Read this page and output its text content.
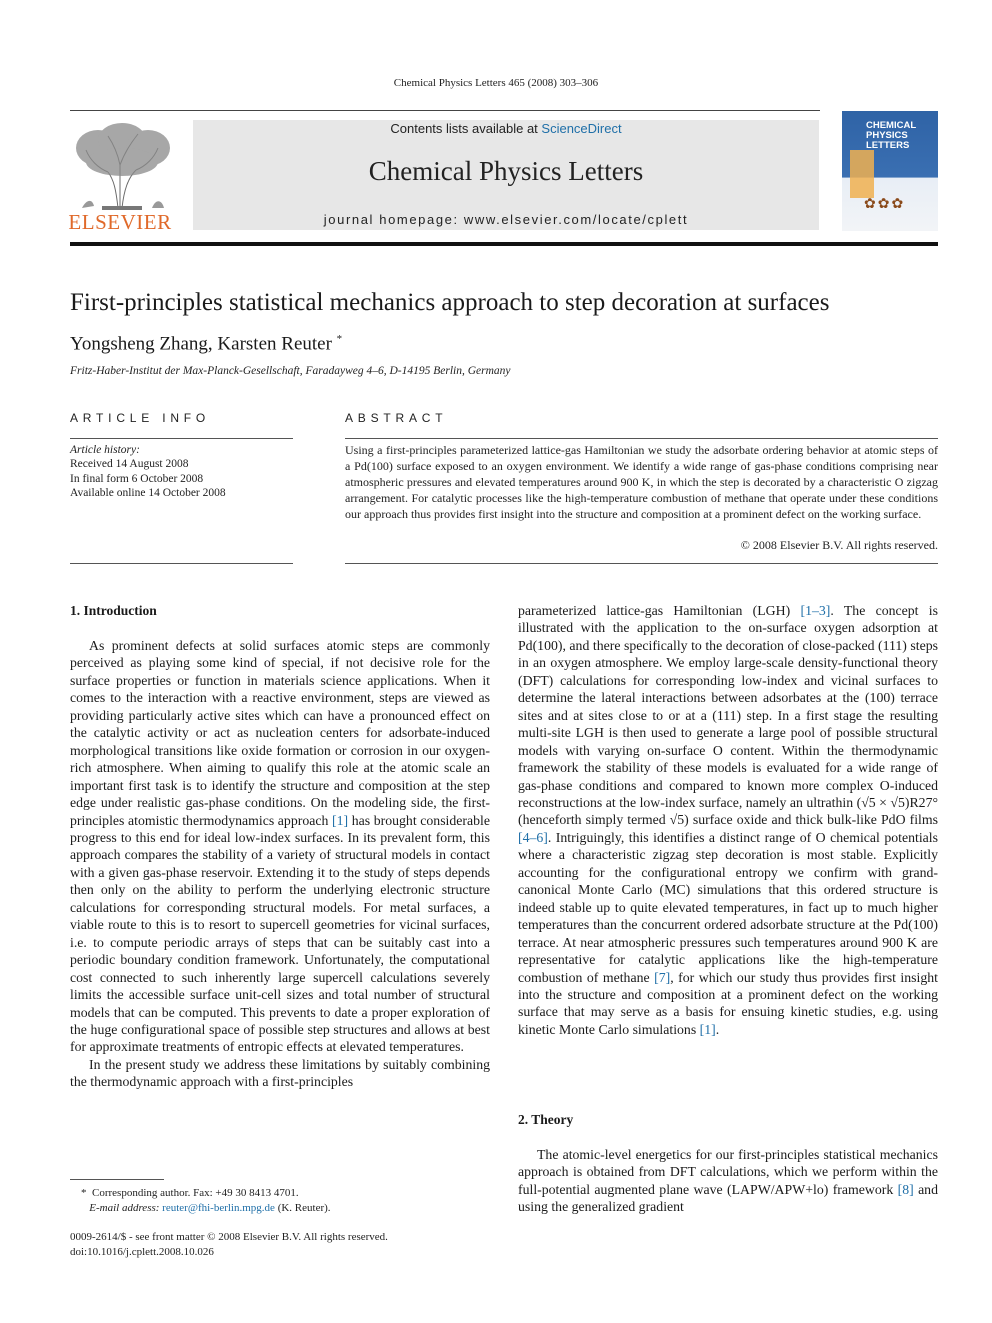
Chemical Physics Letters 465 (2008) 303–306
ELSEVIER
Contents lists available at ScienceDirect
Chemical Physics Letters
journal homepage: www.elsevier.com/locate/cplett
CHEMICAL PHYSICS LETTERS
✿✿✿
First-principles statistical mechanics approach to step decoration at surfaces
Yongsheng Zhang, Karsten Reuter *
Fritz-Haber-Institut der Max-Planck-Gesellschaft, Faradayweg 4–6, D-14195 Berlin, Germany
ARTICLE INFO	ABSTRACT
Article history:
Received 14 August 2008
In final form 6 October 2008
Available online 14 October 2008
Using a first-principles parameterized lattice-gas Hamiltonian we study the adsorbate ordering behavior at atomic steps of a Pd(100) surface exposed to an oxygen environment. We identify a wide range of gas-phase conditions comprising near atmospheric pressures and elevated temperatures around 900 K, in which the step is decorated by a characteristic O zigzag arrangement. For catalytic processes like the high-temperature combustion of methane that operate under these conditions our approach thus provides first insight into the structure and composition at a prominent defect on the working surface.
© 2008 Elsevier B.V. All rights reserved.
1. Introduction

As prominent defects at solid surfaces atomic steps are commonly perceived as playing some kind of special, if not decisive role for the surface properties or function in materials science applications. When it comes to the interaction with a reactive environment, steps are viewed as providing particularly active sites which can have a pronounced effect on the catalytic activity or act as nucleation centers for adsorbate-induced morphological transitions like oxide formation or corrosion in our oxygen-rich atmosphere. When aiming to qualify this role at the atomic scale an important first task is to identify the structure and composition at the step edge under realistic gas-phase conditions. On the modeling side, the first-principles atomistic thermodynamics approach [1] has brought considerable progress to this end for ideal low-index surfaces. In its prevalent form, this approach compares the stability of a variety of structural models in contact with a given gas-phase reservoir. Extending it to the study of steps depends then only on the ability to perform the underlying electronic structure calculations for corresponding structural models. For metal surfaces, a viable route to this is to resort to supercell geometries for vicinal surfaces, i.e. to compute periodic arrays of steps that can be suitably cast into a periodic boundary condition framework. Unfortunately, the computational cost connected to such inherently large supercell calculations severely limits the accessible surface unit-cell sizes and total number of structural models that can be computed. This prevents to date a proper exploration of the huge configurational space of possible step structures and allows at best for approximate treatments of entropic effects at elevated temperatures.

In the present study we address these limitations by suitably combining the thermodynamic approach with a first-principles

parameterized lattice-gas Hamiltonian (LGH) [1–3]. The concept is illustrated with the application to the on-surface oxygen adsorption at Pd(100), and there specifically to the decoration of close-packed (111) steps in an oxygen atmosphere. We employ large-scale density-functional theory (DFT) calculations for corresponding low-index and vicinal surfaces to determine the lateral interactions between adsorbates at the (100) terrace sites and at sites close to or at a (111) step. In a first stage the resulting multi-site LGH is then used to generate a large pool of possible structural models with varying on-surface O content. Within the thermodynamic framework the stability of these models is evaluated for a wide range of gas-phase conditions and compared to known more complex O-induced reconstructions at the low-index surface, namely an ultrathin (√5 × √5)R27° (henceforth simply termed √5) surface oxide and thick bulk-like PdO films [4–6]. Intriguingly, this identifies a distinct range of O chemical potentials where a characteristic zigzag step decoration is most stable. Explicitly accounting for the configurational entropy we confirm with grand-canonical Monte Carlo (MC) simulations that this ordered structure is indeed stable up to quite elevated temperatures, in fact up to much higher temperatures than the concurrent ordered adsorbate structure at the Pd(100) terrace. At near atmospheric pressures such temperatures around 900 K are representative for catalytic applications like the high-temperature combustion of methane [7], for which our study thus provides first insight into the structure and composition at a prominent defect on the working surface that may serve as a basis for ensuing kinetic studies, e.g. using kinetic Monte Carlo simulations [1].

2. Theory

The atomic-level energetics for our first-principles statistical mechanics approach is obtained from DFT calculations, which we perform within the full-potential augmented plane wave (LAPW/APW+lo) framework [8] and using the generalized gradient

* Corresponding author. Fax: +49 30 8413 4701.
E-mail address: reuter@fhi-berlin.mpg.de (K. Reuter).
0009-2614/$ - see front matter © 2008 Elsevier B.V. All rights reserved.
doi:10.1016/j.cplett.2008.10.026
